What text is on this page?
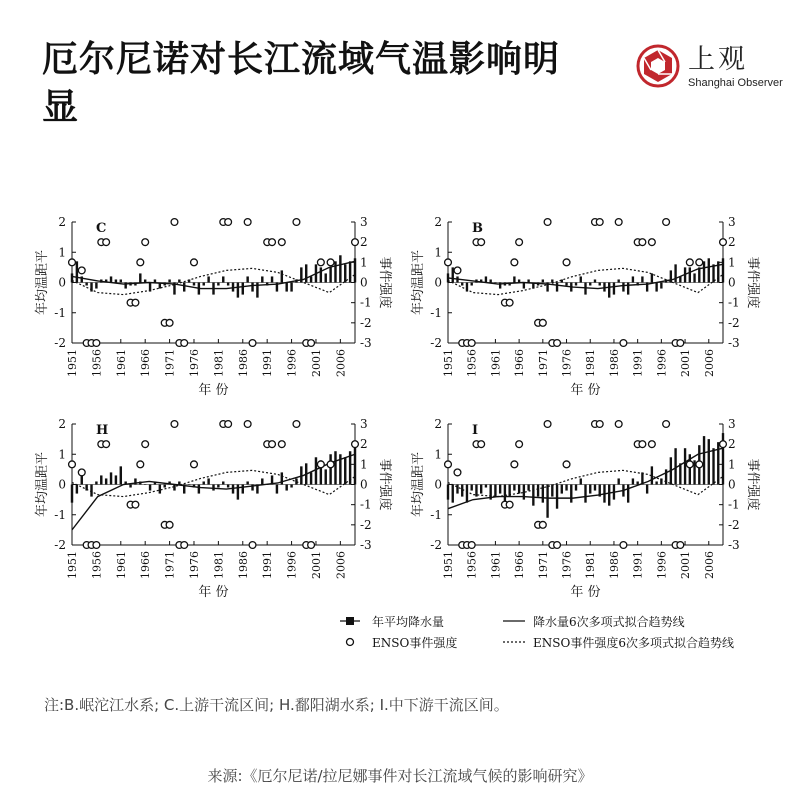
厄尔尼诺对长江流域气温影响明显
上观
Shanghai Observer
-2
-1
0
1
2
-3
-2
-1
0
1
2
3
1951 1956 1961 1966 1971 1976 1981 1986 1991 1996 2001 2006
年 份
年均温距平	事件强度
C
-2
-1
0
1
2
-3
-2
-1
0
1
2
3
1951 1956 1961 1966 1971 1976 1981 1986 1991 1996 2001 2006
年 份
年均温距平	事件强度
B
-2
-1
0
1
2
-3
-2
-1
0
1
2
3
1951 1956 1961 1966 1971 1976 1981 1986 1991 1996 2001 2006
年 份
年均温距平	事件强度
H
-2
-1
0
1
2
-3
-2
-1
0
1
2
3
1951 1956 1961 1966 1971 1976 1981 1986 1991 1996 2001 2006
年 份
年均温距平	事件强度
I
年平均降水量
ENSO事件强度
降水量6次多项式拟合趋势线
ENSO事件强度6次多项式拟合趋势线
注:B.岷沱江水系; C.上游干流区间; H.鄱阳湖水系; I.中下游干流区间。
来源:《厄尔尼诺/拉尼娜事件对长江流域气候的影响研究》
